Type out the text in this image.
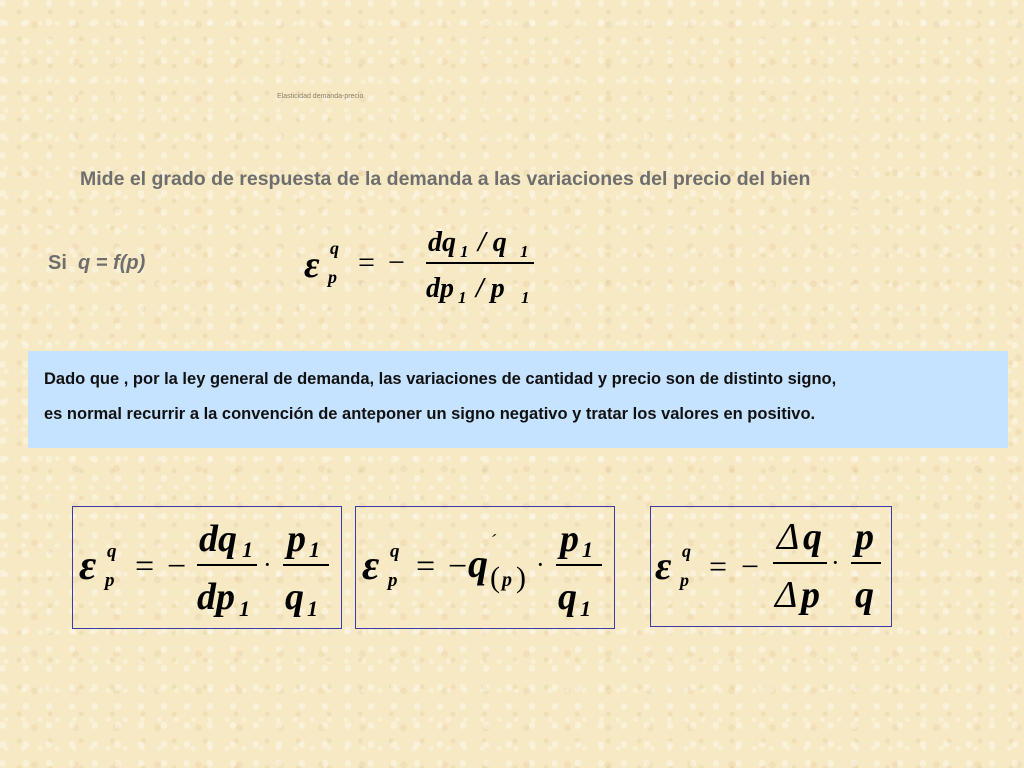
Elasticidad demanda-precio
Mide el grado de respuesta de la demanda a las variaciones del precio del bien
Si q = f(p)	ε q
p = −
dq 1 / q 1
dp 1 / p 1
Dado que , por la ley general de demanda, las variaciones de cantidad y precio son de distinto signo,
es normal recurrir a la convención de anteponer un signo negativo y tratar los valores en positivo.
ε q
p = −
dq 1
dp 1
·
p 1
q 1
ε q
p = − q ´
( p ) ·
p 1
q 1
ε q
p = −
Δ q
Δ p
·
p
q
